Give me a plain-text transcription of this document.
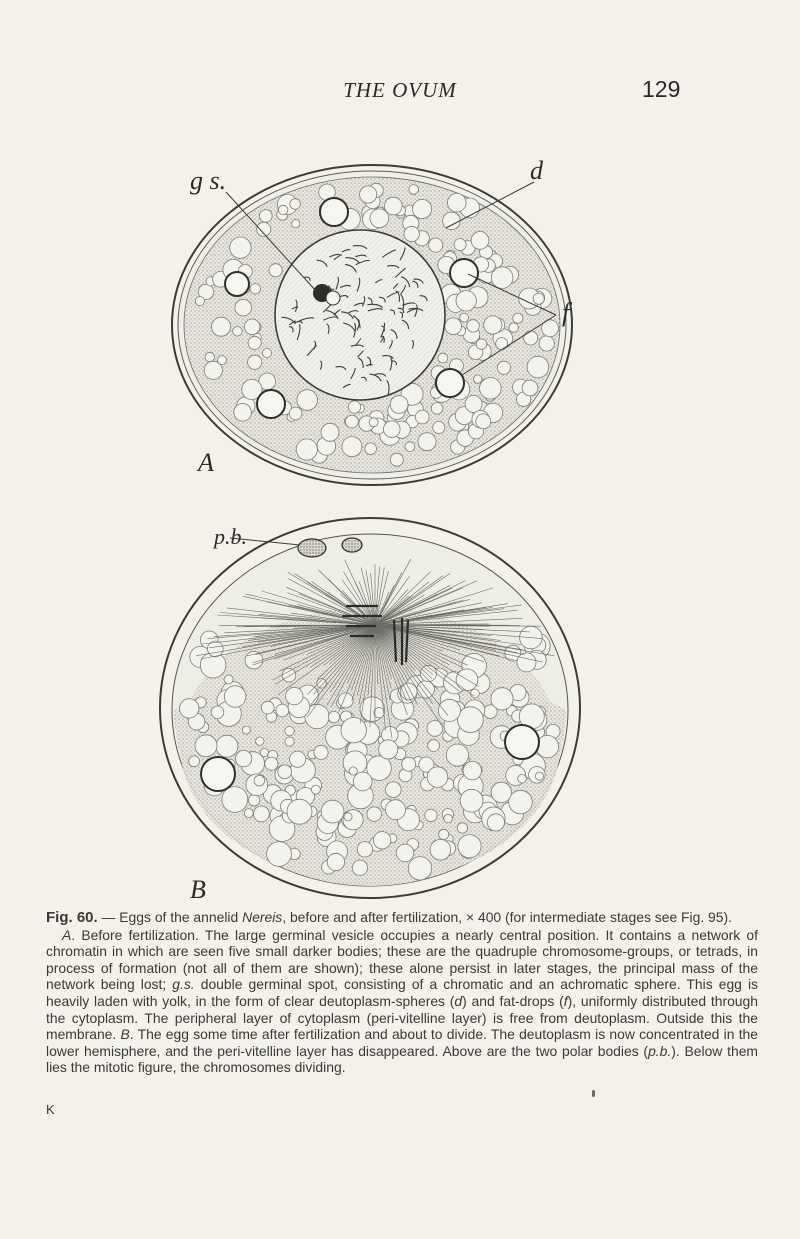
THE OVUM	129
g s.	d
f
A
p.b.
B

Fig. 60. — Eggs of the annelid Nereis, before and after fertilization, × 400 (for intermediate stages see Fig. 95).

A. Before fertilization. The large germinal vesicle occupies a nearly central position. It contains a network of chromatin in which are seen five small darker bodies; these are the quadruple chromosome-groups, or tetrads, in process of formation (not all of them are shown); these alone persist in later stages, the principal mass of the network being lost; g.s. double germinal spot, consisting of a chromatic and an achromatic sphere. This egg is heavily laden with yolk, in the form of clear deutoplasm-spheres (d) and fat-drops (f), uniformly distributed through the cytoplasm. The peripheral layer of cytoplasm (peri-vitelline layer) is free from deutoplasm. Outside this the membrane. B. The egg some time after fertilization and about to divide. The deutoplasm is now concentrated in the lower hemisphere, and the peri-vitelline layer has disappeared. Above are the two polar bodies (p.b.). Below them lies the mitotic figure, the chromosomes dividing.

K
